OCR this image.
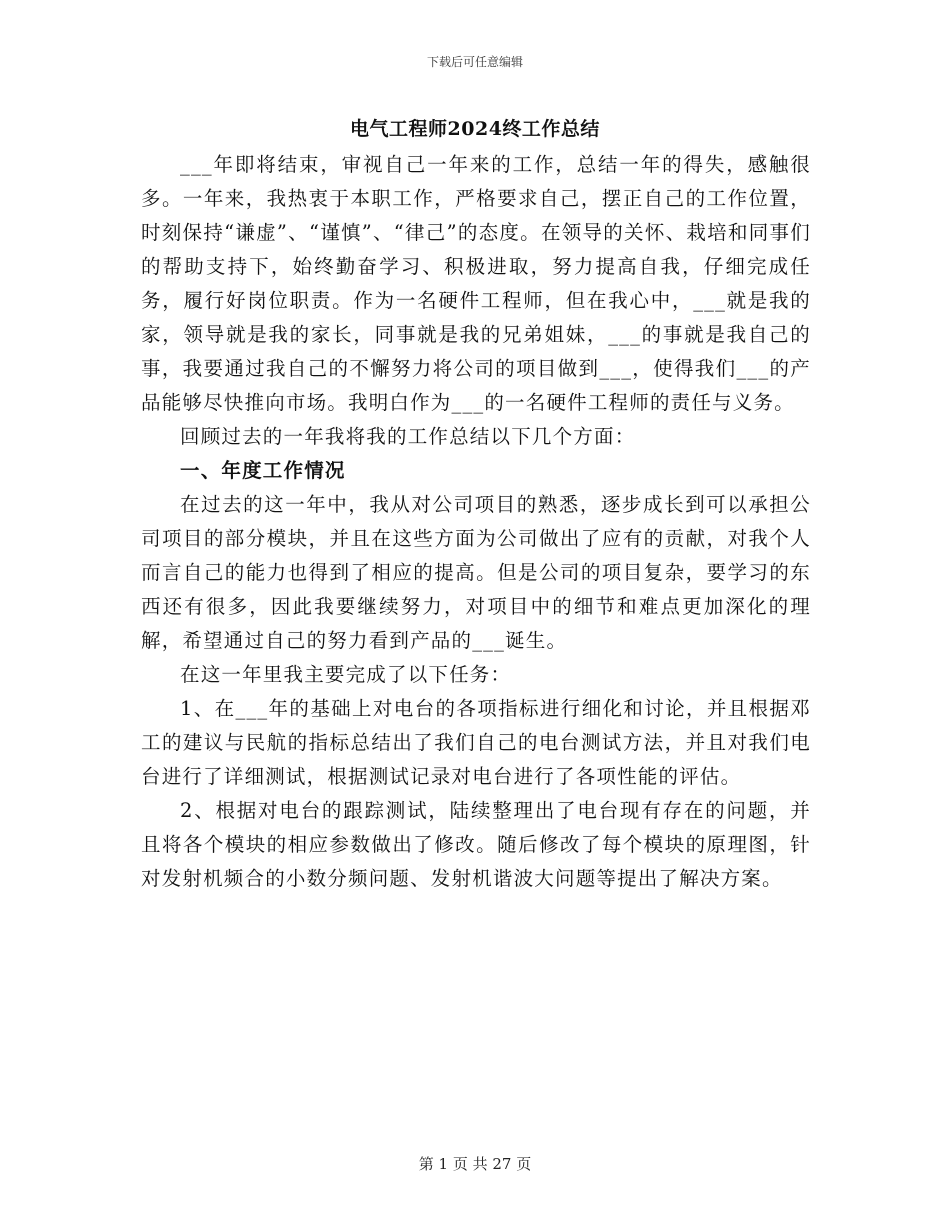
下载后可任意编辑
电气工程师2024终工作总结

___年即将结束，审视自己一年来的工作，总结一年的得失，感触很多。一年来，我热衷于本职工作，严格要求自己，摆正自己的工作位置，时刻保持“谦虚”、“谨慎”、“律己”的态度。在领导的关怀、栽培和同事们的帮助支持下，始终勤奋学习、积极进取，努力提高自我，仔细完成任务，履行好岗位职责。作为一名硬件工程师，但在我心中，___就是我的家，领导就是我的家长，同事就是我的兄弟姐妹，___的事就是我自己的事，我要通过我自己的不懈努力将公司的项目做到___，使得我们___的产品能够尽快推向市场。我明白作为___的一名硬件工程师的责任与义务。

回顾过去的一年我将我的工作总结以下几个方面：

一、年度工作情况

在过去的这一年中，我从对公司项目的熟悉，逐步成长到可以承担公司项目的部分模块，并且在这些方面为公司做出了应有的贡献，对我个人而言自己的能力也得到了相应的提高。但是公司的项目复杂，要学习的东西还有很多，因此我要继续努力，对项目中的细节和难点更加深化的理解，希望通过自己的努力看到产品的___诞生。

在这一年里我主要完成了以下任务：

1、在___年的基础上对电台的各项指标进行细化和讨论，并且根据邓工的建议与民航的指标总结出了我们自己的电台测试方法，并且对我们电台进行了详细测试，根据测试记录对电台进行了各项性能的评估。

2、根据对电台的跟踪测试，陆续整理出了电台现有存在的问题，并且将各个模块的相应参数做出了修改。随后修改了每个模块的原理图，针对发射机频合的小数分频问题、发射机谐波大问题等提出了解决方案。

第 1 页 共 27 页
